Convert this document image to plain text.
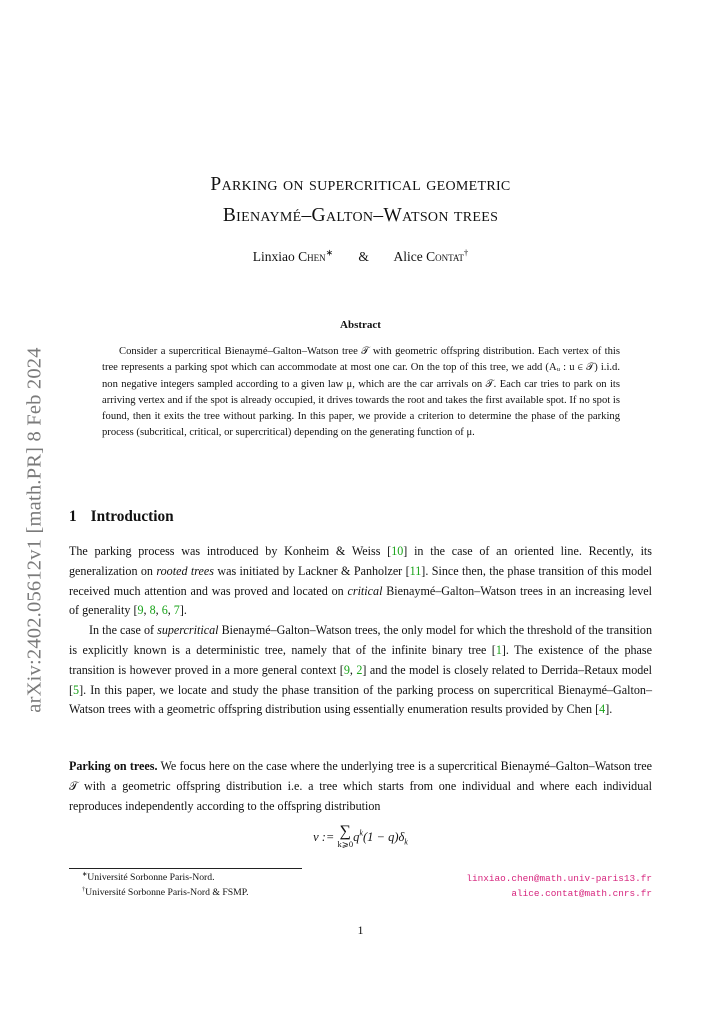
arXiv:2402.05612v1 [math.PR] 8 Feb 2024
Parking on supercritical geometric
Bienaymé–Galton–Watson trees
Linxiao Chen∗ & Alice Contat†
Abstract

Consider a supercritical Bienaymé–Galton–Watson tree 𝒯 with geometric offspring distribution. Each vertex of this tree represents a parking spot which can accommodate at most one car. On the top of this tree, we add (Aᵤ : u ∈ 𝒯) i.i.d. non negative integers sampled according to a given law μ, which are the car arrivals on 𝒯. Each car tries to park on its arriving vertex and if the spot is already occupied, it drives towards the root and takes the first available spot. If no spot is found, then it exits the tree without parking. In this paper, we provide a criterion to determine the phase of the parking process (subcritical, critical, or supercritical) depending on the generating function of μ.

1 Introduction

The parking process was introduced by Konheim & Weiss [10] in the case of an oriented line. Recently, its generalization on rooted trees was initiated by Lackner & Panholzer [11]. Since then, the phase transition of this model received much attention and was proved and located on critical Bienaymé–Galton–Watson trees in an increasing level of generality [9, 8, 6, 7].

In the case of supercritical Bienaymé–Galton–Watson trees, the only model for which the threshold of the transition is explicitly known is a deterministic tree, namely that of the infinite binary tree [1]. The existence of the phase transition is however proved in a more general context [9, 2] and the model is closely related to Derrida–Retaux model [5]. In this paper, we locate and study the phase transition of the parking process on supercritical Bienaymé–Galton–Watson trees with a geometric offspring distribution using essentially enumeration results provided by Chen [4].

Parking on trees. We focus here on the case where the underlying tree is a supercritical Bienaymé–Galton–Watson tree 𝒯 with a geometric offspring distribution i.e. a tree which starts from one individual and where each individual reproduces independently according to the offspring distribution

ν := ∑
k⩾0
$q^k(1 - q)\delta_k$
∗Université Sorbonne Paris-Nord.
†Université Sorbonne Paris-Nord & FSMP.
linxiao.chen@math.univ-paris13.fr
alice.contat@math.cnrs.fr
1
